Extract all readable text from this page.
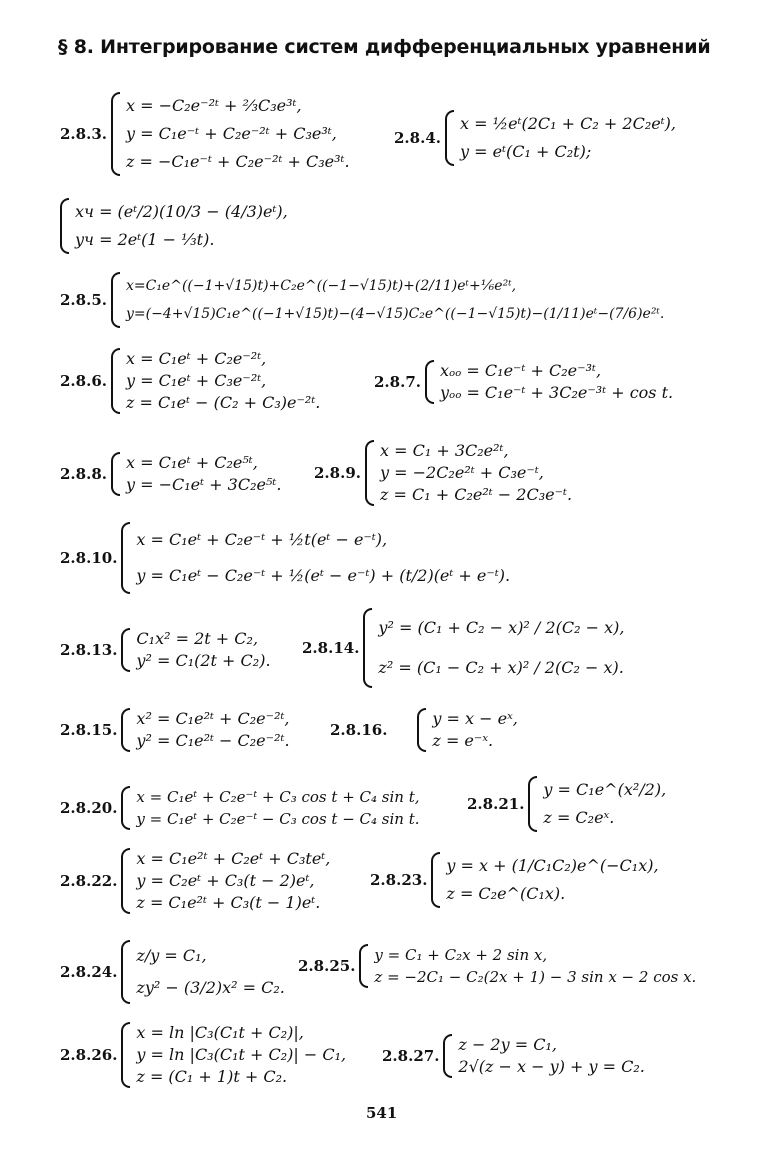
§ 8. Интегрирование систем дифференциальных уравнений
2.8.3.
x = −C₂e⁻²ᵗ + ⅔C₃e³ᵗ,
y = C₁e⁻ᵗ + C₂e⁻²ᵗ + C₃e³ᵗ,
z = −C₁e⁻ᵗ + C₂e⁻²ᵗ + C₃e³ᵗ.
2.8.4.
x = ½eᵗ(2C₁ + C₂ + 2C₂eᵗ),
y = eᵗ(C₁ + C₂t);
xч = (eᵗ/2)(10/3 − (4/3)eᵗ),
yч = 2eᵗ(1 − ⅓t).
2.8.5.
x=C₁e^((−1+√15)t)+C₂e^((−1−√15)t)+(2/11)eᵗ+⅙e²ᵗ,
y=(−4+√15)C₁e^((−1+√15)t)−(4−√15)C₂e^((−1−√15)t)−(1/11)eᵗ−(7/6)e²ᵗ.
2.8.6.
x = C₁eᵗ + C₂e⁻²ᵗ,
y = C₁eᵗ + C₃e⁻²ᵗ,
z = C₁eᵗ − (C₂ + C₃)e⁻²ᵗ.
2.8.7.
xₒₒ = C₁e⁻ᵗ + C₂e⁻³ᵗ,
yₒₒ = C₁e⁻ᵗ + 3C₂e⁻³ᵗ + cos t.
2.8.8.
x = C₁eᵗ + C₂e⁵ᵗ,
y = −C₁eᵗ + 3C₂e⁵ᵗ.
2.8.9.
x = C₁ + 3C₂e²ᵗ,
y = −2C₂e²ᵗ + C₃e⁻ᵗ,
z = C₁ + C₂e²ᵗ − 2C₃e⁻ᵗ.
2.8.10.
x = C₁eᵗ + C₂e⁻ᵗ + ½t(eᵗ − e⁻ᵗ),
y = C₁eᵗ − C₂e⁻ᵗ + ½(eᵗ − e⁻ᵗ) + (t/2)(eᵗ + e⁻ᵗ).
2.8.13.
C₁x² = 2t + C₂,
y² = C₁(2t + C₂).
2.8.14.
y² = (C₁ + C₂ − x)² / 2(C₂ − x),
z² = (C₁ − C₂ + x)² / 2(C₂ − x).
2.8.15.
x² = C₁e²ᵗ + C₂e⁻²ᵗ,
y² = C₁e²ᵗ − C₂e⁻²ᵗ.
2.8.16.
y = x − eˣ,
z = e⁻ˣ.
2.8.20.
x = C₁eᵗ + C₂e⁻ᵗ + C₃ cos t + C₄ sin t,
y = C₁eᵗ + C₂e⁻ᵗ − C₃ cos t − C₄ sin t.
2.8.21.
y = C₁e^(x²/2),
z = C₂eˣ.
2.8.22.
x = C₁e²ᵗ + C₂eᵗ + C₃teᵗ,
y = C₂eᵗ + C₃(t − 2)eᵗ,
z = C₁e²ᵗ + C₃(t − 1)eᵗ.
2.8.23.
y = x + (1/C₁C₂)e^(−C₁x),
z = C₂e^(C₁x).
2.8.24.
z/y = C₁,
zy² − (3/2)x² = C₂.
2.8.25.
y = C₁ + C₂x + 2 sin x,
z = −2C₁ − C₂(2x + 1) − 3 sin x − 2 cos x.
2.8.26.
x = ln |C₃(C₁t + C₂)|,
y = ln |C₃(C₁t + C₂)| − C₁,
z = (C₁ + 1)t + C₂.
2.8.27.
z − 2y = C₁,
2√(z − x − y) + y = C₂.
541
